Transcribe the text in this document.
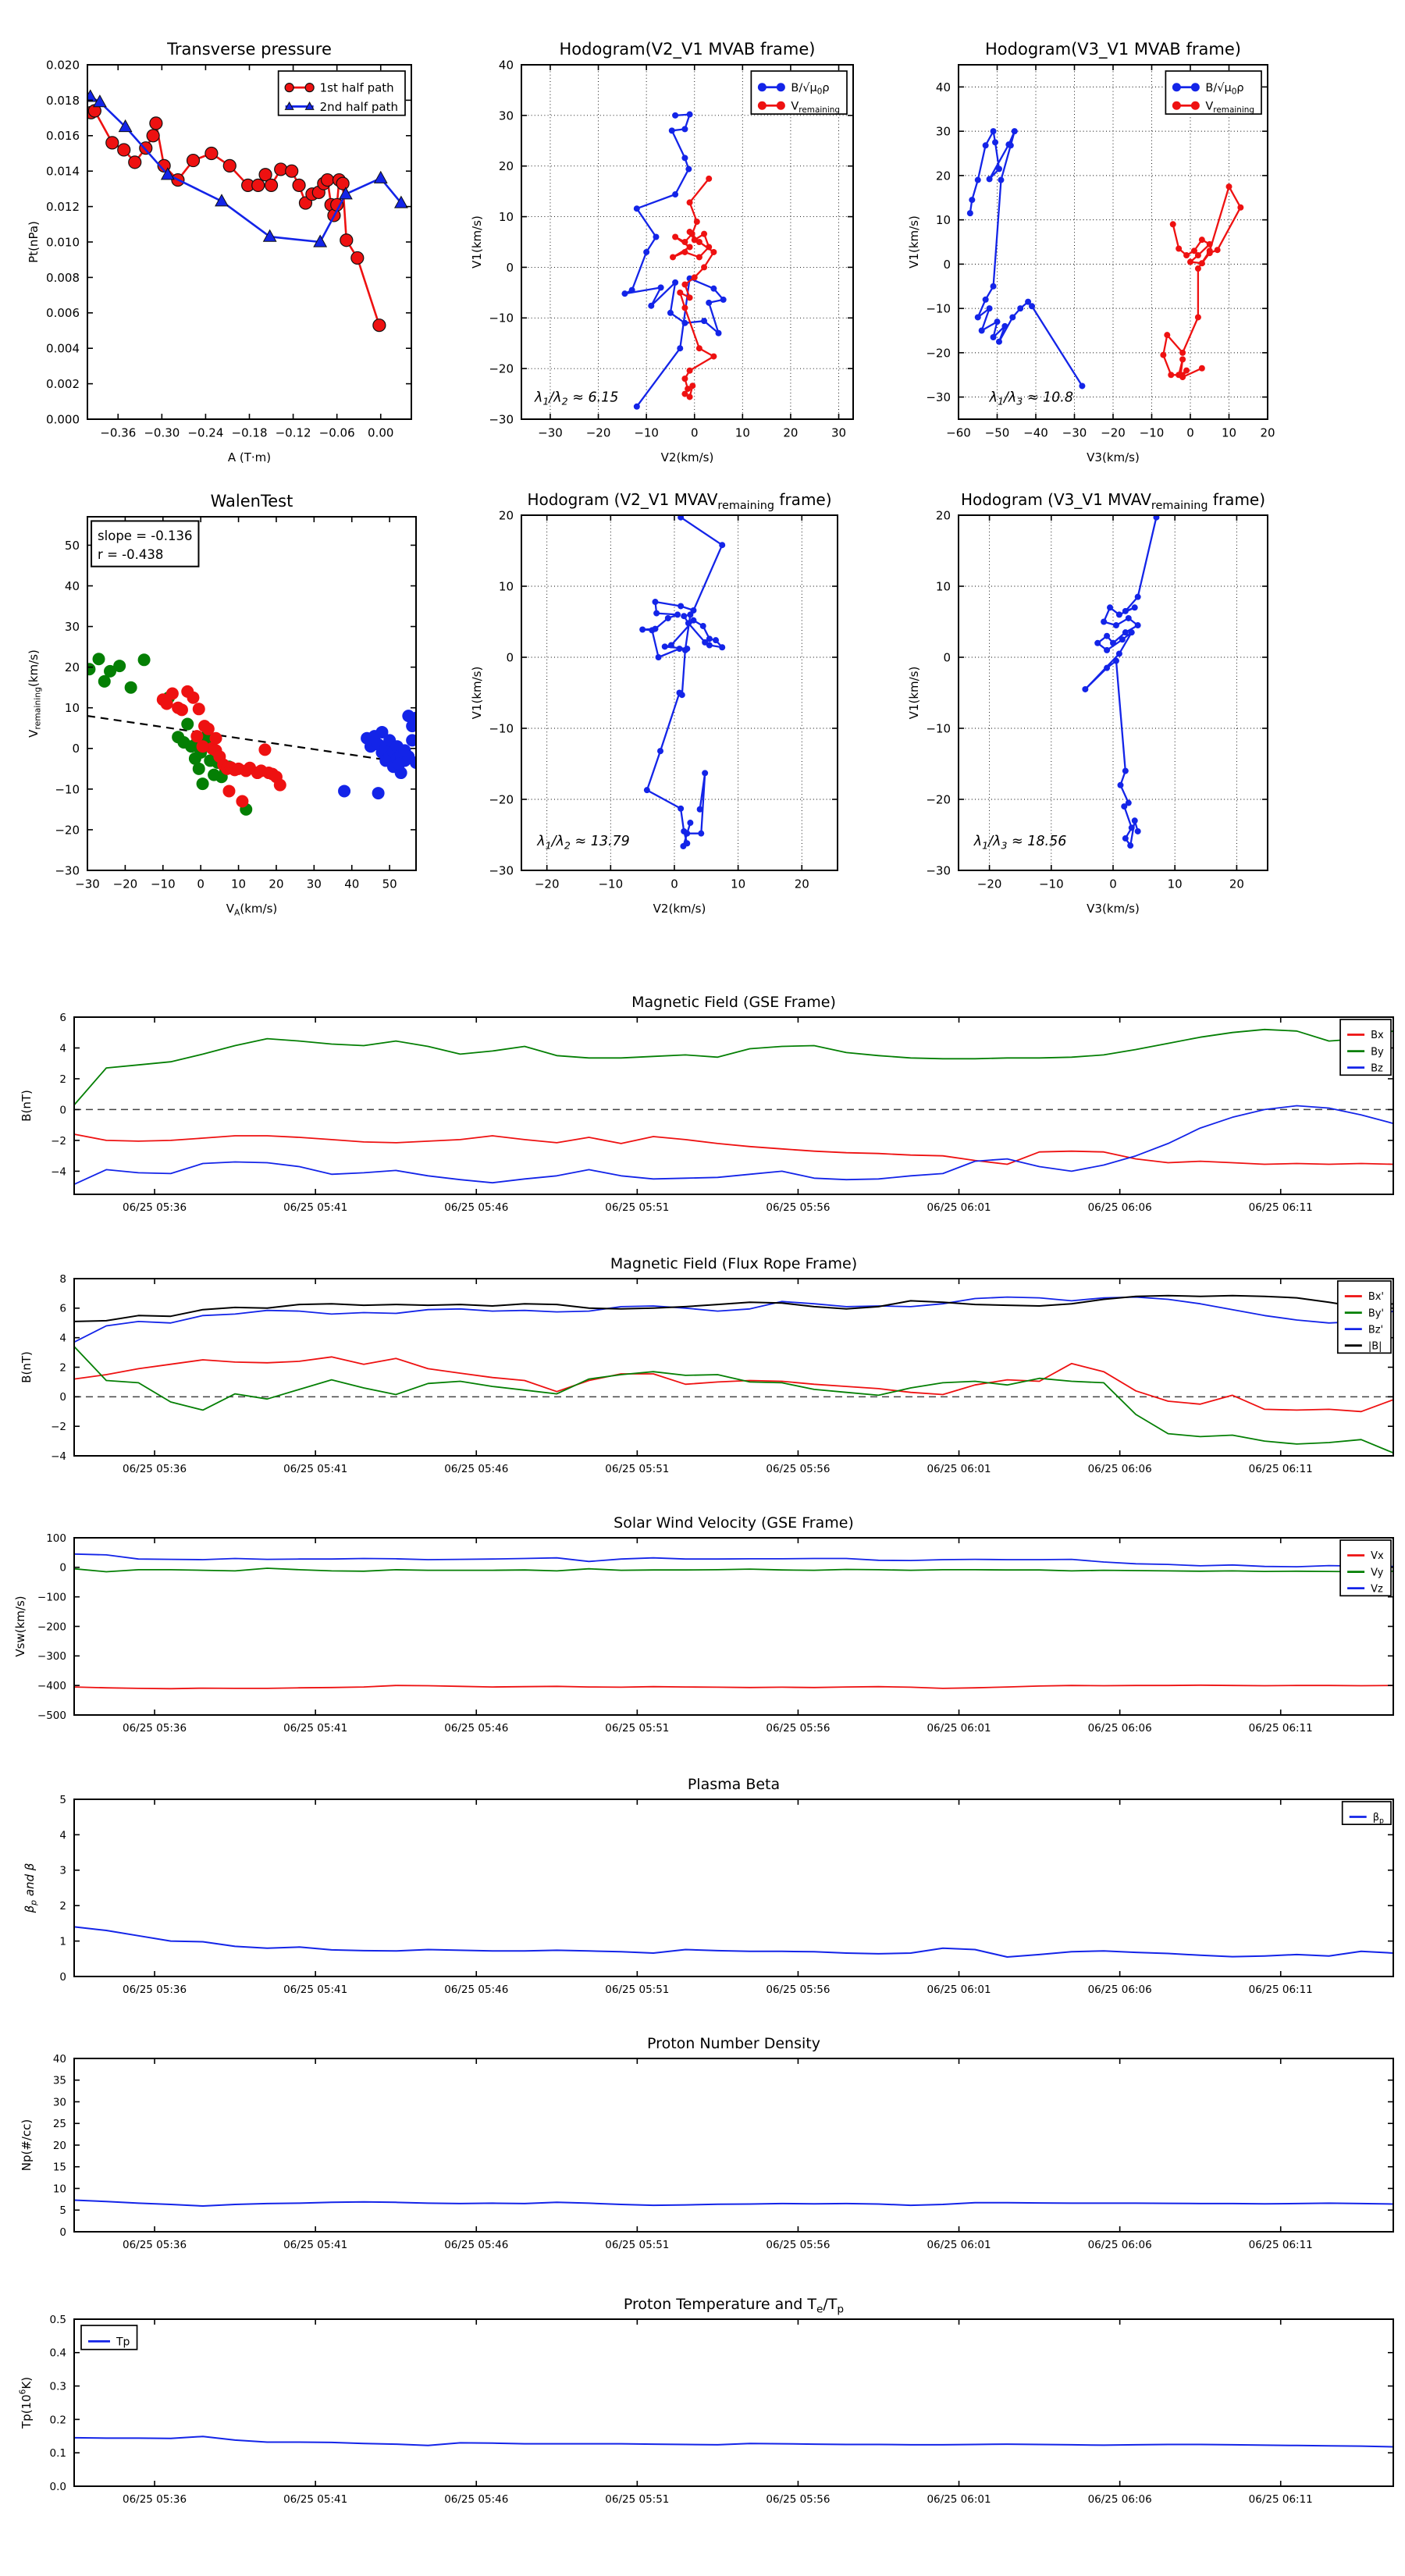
−0.36 −0.30 −0.24 −0.18 −0.12 −0.06 0.00
0.000
0.002
0.004
0.006
0.008
0.010
0.012
0.014
0.016
0.018
0.020
Transverse pressure
A (T·m)
Pt(nPa)
1st half path
2nd half path
−30 −20 −10	0	10	20	30
−30
−20
−10
0
10
20
30
40
Hodogram(V2_V1 MVAB frame)
V2(km/s)
V1(km/s)
$B/√\mu_0\rho$
$V_{remaining}$
$\lambda_1/\lambda_2 \approx 6.15$
−60 −50 −40 −30 −20 −10 0 10 20
−30
−20
−10
0
10
20
30
40
Hodogram(V3_V1 MVAB frame)
V3(km/s)
V1(km/s)
$B/√\mu_0\rho$
$V_{remaining}$
$\lambda_1/\lambda_3 \approx 10.8$
−30 −20 −10 0 10 20 30 40 50
−30
−20
−10
0
10
20
30
40
50
WalenTest
$V_A(km/s)$
$V_{remaining}(km/s)$
slope = -0.136
r = -0.438
−20	−10	0	10	20
−30
−20
−10
0
10
20
Hodogram (V2_V1 $MVAV_{remaining}$ frame)
V2(km/s)
V1(km/s)
$\lambda_1/\lambda_2 \approx 13.79$
−20	−10	0	10	20
−30
−20
−10
0
10
20
Hodogram (V3_V1 $MVAV_{remaining}$ frame)
V3(km/s)
V1(km/s)
$\lambda_1/\lambda_3 \approx 18.56$
06/25 05:36	06/25 05:41	06/25 05:46	06/25 05:51	06/25 05:56	06/25 06:01	06/25 06:06	06/25 06:11
−4
−2
0
2
4
6
Magnetic Field (GSE Frame)
B(nT)
Bx
By
Bz
06/25 05:36	06/25 05:41	06/25 05:46	06/25 05:51	06/25 05:56	06/25 06:01	06/25 06:06	06/25 06:11
−4
−2
0
2
4
6
8
Magnetic Field (Flux Rope Frame)
B(nT)
Bx'
By'
Bz'
|B|
06/25 05:36	06/25 05:41	06/25 05:46	06/25 05:51	06/25 05:56	06/25 06:01	06/25 06:06	06/25 06:11
−500
−400
−300
−200
−100
0
100
Solar Wind Velocity (GSE Frame)
Vsw(km/s)
Vx
Vy
Vz
06/25 05:36	06/25 05:41	06/25 05:46	06/25 05:51	06/25 05:56	06/25 06:01	06/25 06:06	06/25 06:11
0
1
2
3
4
5
Plasma Beta
$\beta_p$ and β
$\beta_p$
06/25 05:36	06/25 05:41	06/25 05:46	06/25 05:51	06/25 05:56	06/25 06:01	06/25 06:06	06/25 06:11
0
5
10
15
20
25
30
35
40
Proton Number Density
Np(#/cc)
06/25 05:36	06/25 05:41	06/25 05:46	06/25 05:51	06/25 05:56	06/25 06:01	06/25 06:06	06/25 06:11
0.0
0.1
0.2
0.3
0.4
0.5
Proton Temperature and $T_e/T_p$
$Tp(10^6K)$
Tp
